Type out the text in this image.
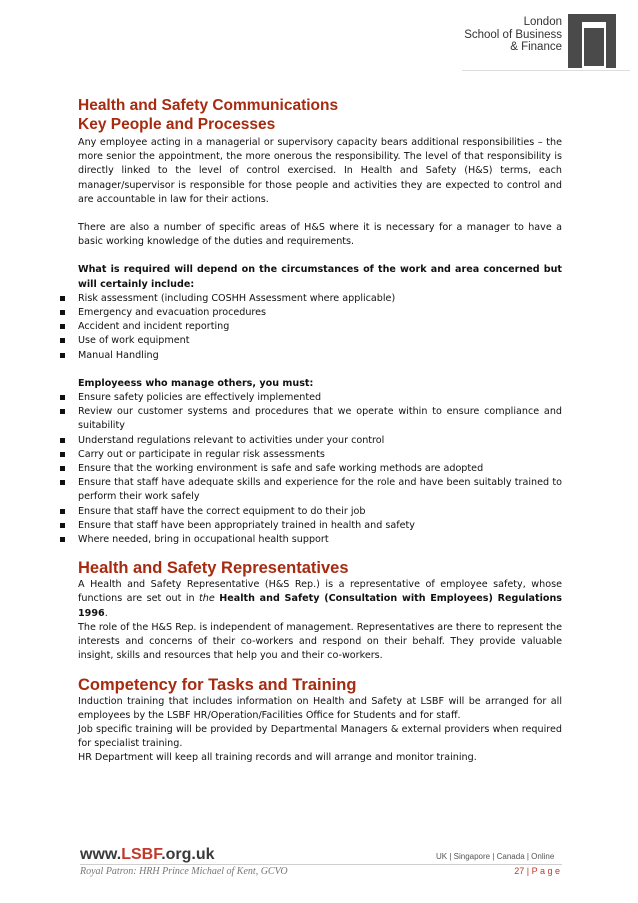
London
School of Business
& Finance
Health and Safety Communications
Key People and Processes

Any employee acting in a managerial or supervisory capacity bears additional responsibilities – the more senior the appointment, the more onerous the responsibility. The level of that responsibility is directly linked to the level of control exercised. In Health and Safety (H&S) terms, each manager/supervisor is responsible for those people and activities they are expected to control and are accountable in law for their actions.

There are also a number of specific areas of H&S where it is necessary for a manager to have a basic working knowledge of the duties and requirements.

What is required will depend on the circumstances of the work and area concerned but will certainly include:

Risk assessment (including COSHH Assessment where applicable)
Emergency and evacuation procedures
Accident and incident reporting
Use of work equipment
Manual Handling

Employeess who manage others, you must:

Ensure safety policies are effectively implemented
Review our customer systems and procedures that we operate within to ensure compliance and suitability
Understand regulations relevant to activities under your control
Carry out or participate in regular risk assessments
Ensure that the working environment is safe and safe working methods are adopted
Ensure that staff have adequate skills and experience for the role and have been suitably trained to perform their work safely
Ensure that staff have the correct equipment to do their job
Ensure that staff have been appropriately trained in health and safety
Where needed, bring in occupational health support
Health and Safety Representatives

A Health and Safety Representative (H&S Rep.) is a representative of employee safety, whose functions are set out in the Health and Safety (Consultation with Employees) Regulations 1996.

The role of the H&S Rep. is independent of management. Representatives are there to represent the interests and concerns of their co-workers and respond on their behalf. They provide valuable insight, skills and resources that help you and their co-workers.

Competency for Tasks and Training

Induction training that includes information on Health and Safety at LSBF will be arranged for all employees by the LSBF HR/Operation/Facilities Office for Students and for staff.

Job specific training will be provided by Departmental Managers & external providers when required for specialist training.

HR Department will keep all training records and will arrange and monitor training.

www.LSBF.org.uk	UK | Singapore | Canada | Online
Royal Patron: HRH Prince Michael of Kent, GCVO	27 | P a g e
